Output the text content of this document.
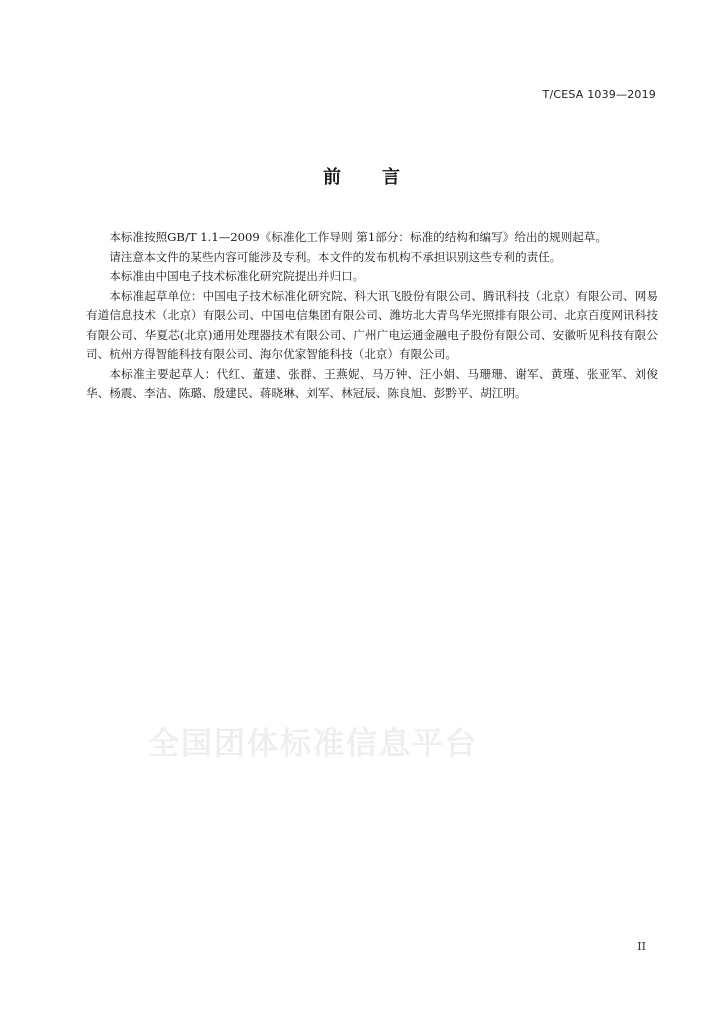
T/CESA 1039—2019
前 言

本标准按照GB/T 1.1—2009《标准化工作导则 第1部分：标准的结构和编写》给出的规则起草。

请注意本文件的某些内容可能涉及专利。本文件的发布机构不承担识别这些专利的责任。

本标准由中国电子技术标准化研究院提出并归口。

本标准起草单位：中国电子技术标准化研究院、科大讯飞股份有限公司、腾讯科技（北京）有限公司、网易有道信息技术（北京）有限公司、中国电信集团有限公司、潍坊北大青鸟华光照排有限公司、北京百度网讯科技有限公司、华夏芯(北京)通用处理器技术有限公司、广州广电运通金融电子股份有限公司、安徽听见科技有限公司、杭州方得智能科技有限公司、海尔优家智能科技（北京）有限公司。

本标准主要起草人：代红、董建、张群、王燕妮、马万钟、汪小娟、马珊珊、谢军、黄瑾、张亚军、刘俊华、杨震、李洁、陈璐、殷建民、蒋晓琳、刘军、林冠辰、陈良旭、彭黔平、胡江明。

全国团体标准信息平台
II
